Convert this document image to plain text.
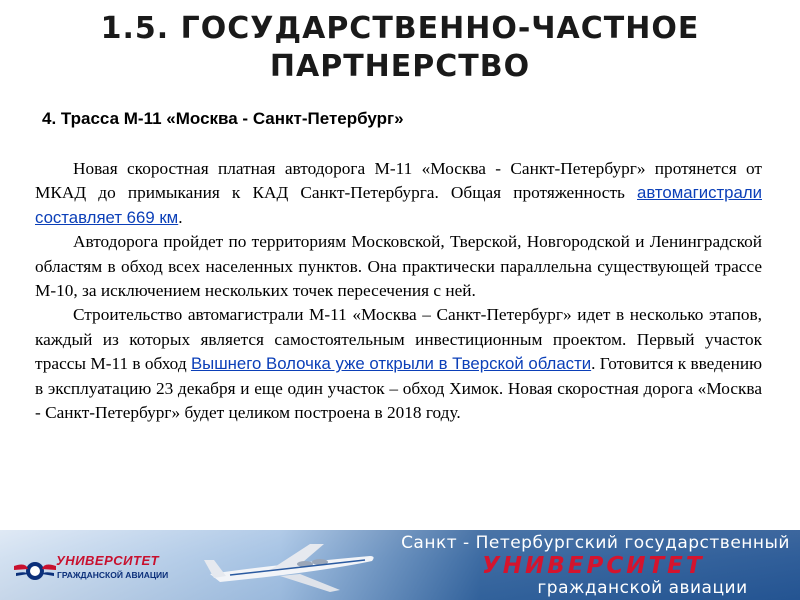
1.5. ГОСУДАРСТВЕННО-ЧАСТНОЕ
ПАРТНЕРСТВО
4. Трасса М-11 «Москва - Санкт-Петербург»

Новая скоростная платная автодорога М-11 «Москва - Санкт-Петербург» протянется от МКАД до примыкания к КАД Санкт-Петербурга. Общая протяженность автомагистрали составляет 669 км.

Автодорога пройдет по территориям Московской, Тверской, Новгородской и Ленинградской областям в обход всех населенных пунктов. Она практически параллельна существующей трассе М-10, за исключением нескольких точек пересечения с ней.

Строительство автомагистрали М-11 «Москва – Санкт-Петербург» идет в несколько этапов, каждый из которых является самостоятельным инвестиционным проектом. Первый участок трассы М-11 в обход Вышнего Волочка уже открыли в Тверской области. Готовится к введению в эксплуатацию 23 декабря и еще один участок – обход Химок. Новая скоростная дорога «Москва - Санкт-Петербург» будет целиком построена в 2018 году.

УНИВЕРСИТЕТ
ГРАЖДАНСКОЙ АВИАЦИИ
Санкт - Петербургский государственный
УНИВЕРСИТЕТ
гражданской авиации
